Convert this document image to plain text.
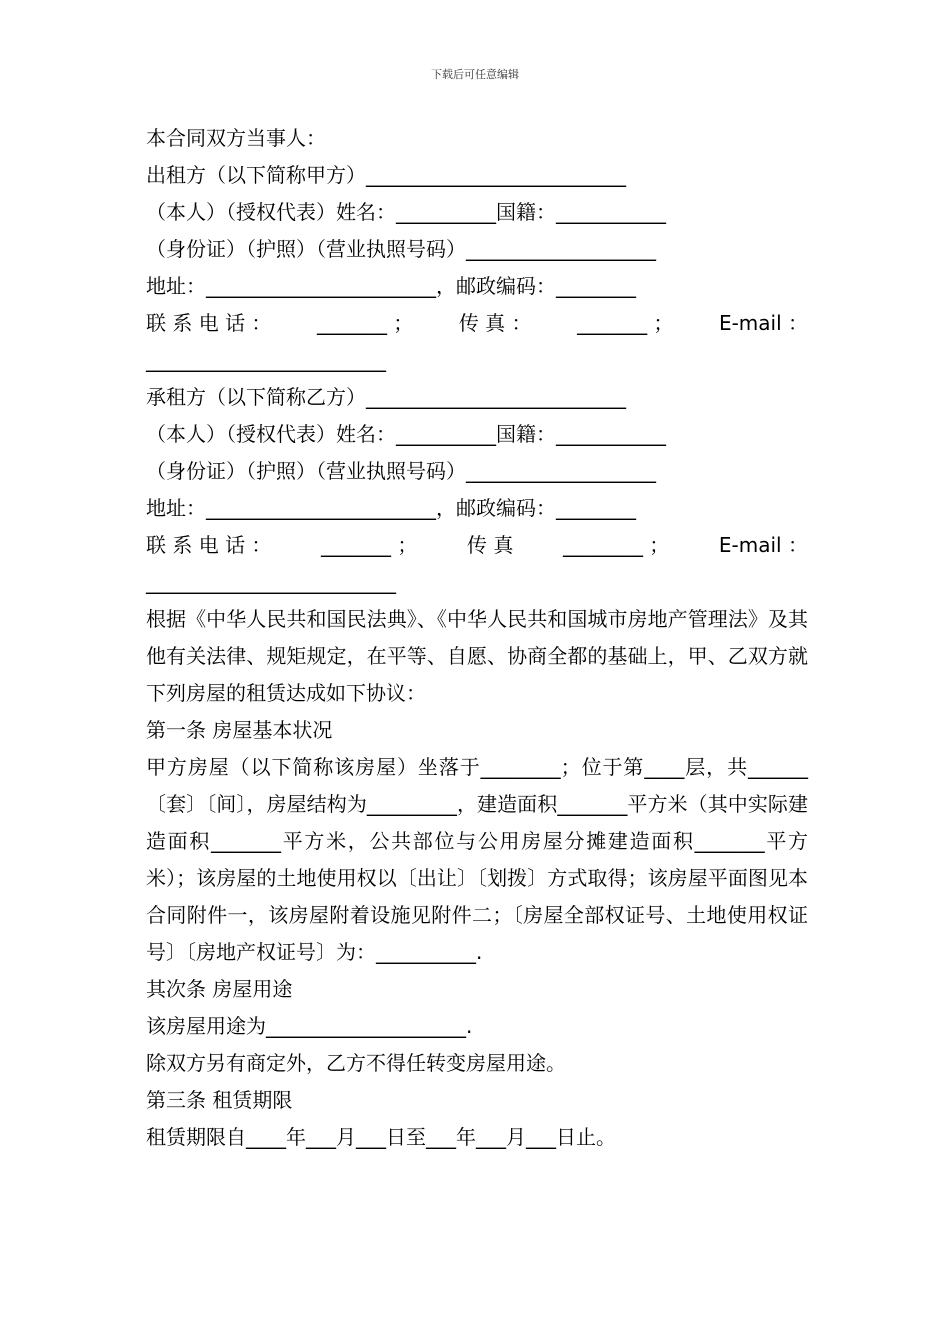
下载后可任意编辑

本合同双方当事人：

出租方（以下简称甲方）__________________________

（本人）（授权代表）姓名：__________国籍：___________

（身份证）（护照）（营业执照号码）___________________

地址：_______________________，邮政编码：________

联 系 电 话 ： _______ ； 传 真 ： _______ ； E-mail ：

________________________

承租方（以下简称乙方）__________________________

（本人）（授权代表）姓名：__________国籍：___________

（身份证）（护照）（营业执照号码）___________________

地址：_______________________，邮政编码：________

联 系 电 话 ： _______ ； 传 真 ________ ； E-mail ：

_________________________

根据《中华人民共和国民法典》、《中华人民共和国城市房地产管理法》及其他有关法律、规矩规定，在平等、自愿、协商全都的基础上，甲、乙双方就下列房屋的租赁达成如下协议：

第一条 房屋基本状况

甲方房屋（以下简称该房屋）坐落于________；位于第____层，共______〔套〕〔间〕，房屋结构为_________，建造面积_______平方米（其中实际建造面积_______平方米，公共部位与公用房屋分摊建造面积_______平方米）；该房屋的土地使用权以〔出让〕〔划拨〕方式取得；该房屋平面图见本合同附件一，该房屋附着设施见附件二；〔房屋全部权证号、土地使用权证号〕〔房地产权证号〕为：__________.

其次条 房屋用途

该房屋用途为____________________.

除双方另有商定外，乙方不得任转变房屋用途。

第三条 租赁期限

租赁期限自____年___月___日至___年___月___日止。
